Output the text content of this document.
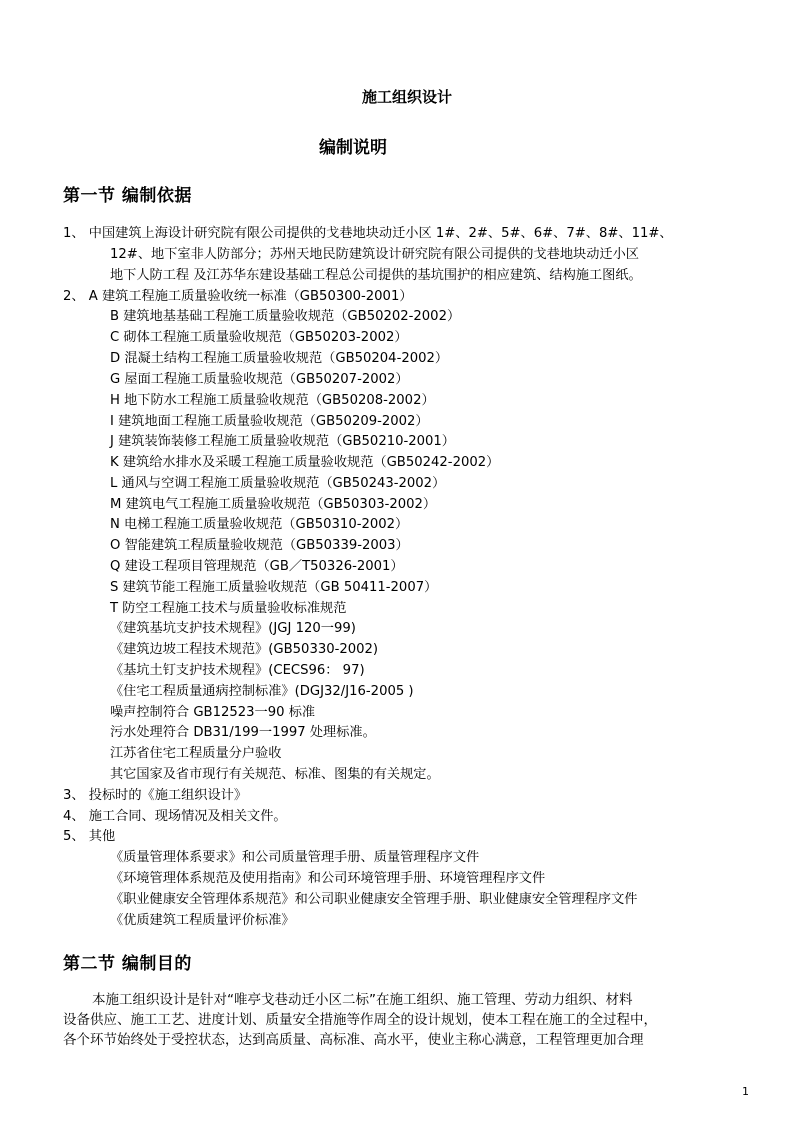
施工组织设计
编制说明
第一节 编制依据
1、 中国建筑上海设计研究院有限公司提供的戈巷地块动迁小区 1#、2#、5#、6#、7#、8#、11#、
12#、地下室非人防部分；苏州天地民防建筑设计研究院有限公司提供的戈巷地块动迁小区
地下人防工程 及江苏华东建设基础工程总公司提供的基坑围护的相应建筑、结构施工图纸。
2、 A 建筑工程施工质量验收统一标准（GB50300-2001）
B 建筑地基基础工程施工质量验收规范（GB50202-2002）
C 砌体工程施工质量验收规范（GB50203-2002）
D 混凝土结构工程施工质量验收规范（GB50204-2002）
G 屋面工程施工质量验收规范（GB50207-2002）
H 地下防水工程施工质量验收规范（GB50208-2002）
I 建筑地面工程施工质量验收规范（GB50209-2002）
J 建筑装饰装修工程施工质量验收规范（GB50210-2001）
K 建筑给水排水及采暖工程施工质量验收规范（GB50242-2002）
L 通风与空调工程施工质量验收规范（GB50243-2002）
M 建筑电气工程施工质量验收规范（GB50303-2002）
N 电梯工程施工质量验收规范（GB50310-2002）
O 智能建筑工程质量验收规范（GB50339-2003）
Q 建设工程项目管理规范（GB／T50326-2001）
S 建筑节能工程施工质量验收规范（GB 50411-2007）
T 防空工程施工技术与质量验收标准规范
《建筑基坑支护技术规程》(JGJ 120一99)
《建筑边坡工程技术规范》(GB50330-2002)
《基坑土钉支护技术规程》(CECS96： 97)
《住宅工程质量通病控制标准》(DGJ32/J16-2005 )
噪声控制符合 GB12523一90 标准
污水处理符合 DB31/199一1997 处理标准。
江苏省住宅工程质量分户验收
其它国家及省市现行有关规范、标准、图集的有关规定。
3、 投标时的《施工组织设计》
4、 施工合同、现场情况及相关文件。
5、 其他
《质量管理体系要求》和公司质量管理手册、质量管理程序文件
《环境管理体系规范及使用指南》和公司环境管理手册、环境管理程序文件
《职业健康安全管理体系规范》和公司职业健康安全管理手册、职业健康安全管理程序文件
《优质建筑工程质量评价标准》
第二节 编制目的
本施工组织设计是针对“唯亭戈巷动迁小区二标”在施工组织、施工管理、劳动力组织、材料
设备供应、施工工艺、进度计划、质量安全措施等作周全的设计规划，使本工程在施工的全过程中，
各个环节始终处于受控状态，达到高质量、高标准、高水平，使业主称心满意，工程管理更加合理
1
